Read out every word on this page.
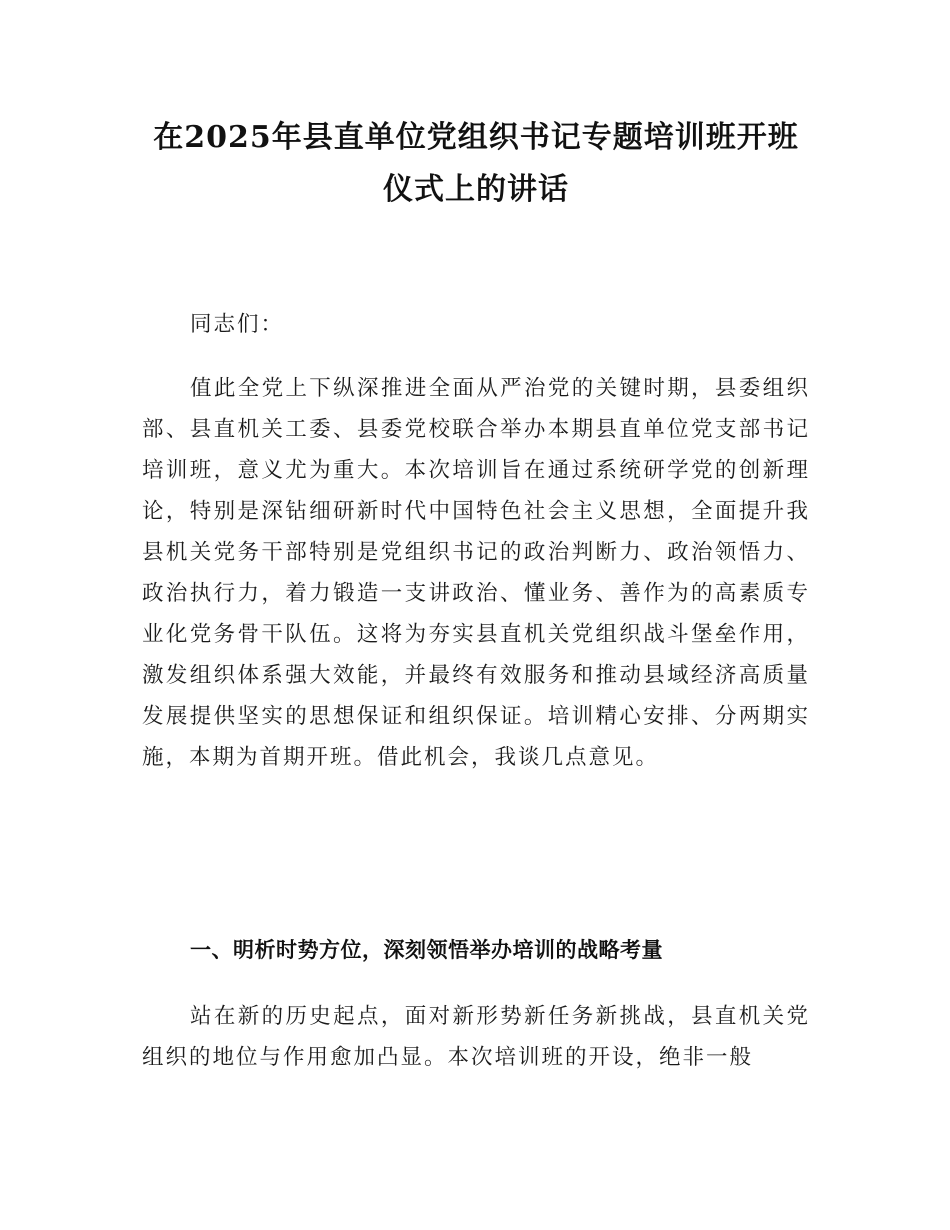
在2025年县直单位党组织书记专题培训班开班仪式上的讲话

同志们：

值此全党上下纵深推进全面从严治党的关键时期，县委组织部、县直机关工委、县委党校联合举办本期县直单位党支部书记培训班，意义尤为重大。本次培训旨在通过系统研学党的创新理论，特别是深钻细研新时代中国特色社会主义思想，全面提升我县机关党务干部特别是党组织书记的政治判断力、政治领悟力、政治执行力，着力锻造一支讲政治、懂业务、善作为的高素质专业化党务骨干队伍。这将为夯实县直机关党组织战斗堡垒作用，激发组织体系强大效能，并最终有效服务和推动县域经济高质量发展提供坚实的思想保证和组织保证。培训精心安排、分两期实施，本期为首期开班。借此机会，我谈几点意见。

一、明析时势方位，深刻领悟举办培训的战略考量

站在新的历史起点，面对新形势新任务新挑战，县直机关党组织的地位与作用愈加凸显。本次培训班的开设，绝非一般
